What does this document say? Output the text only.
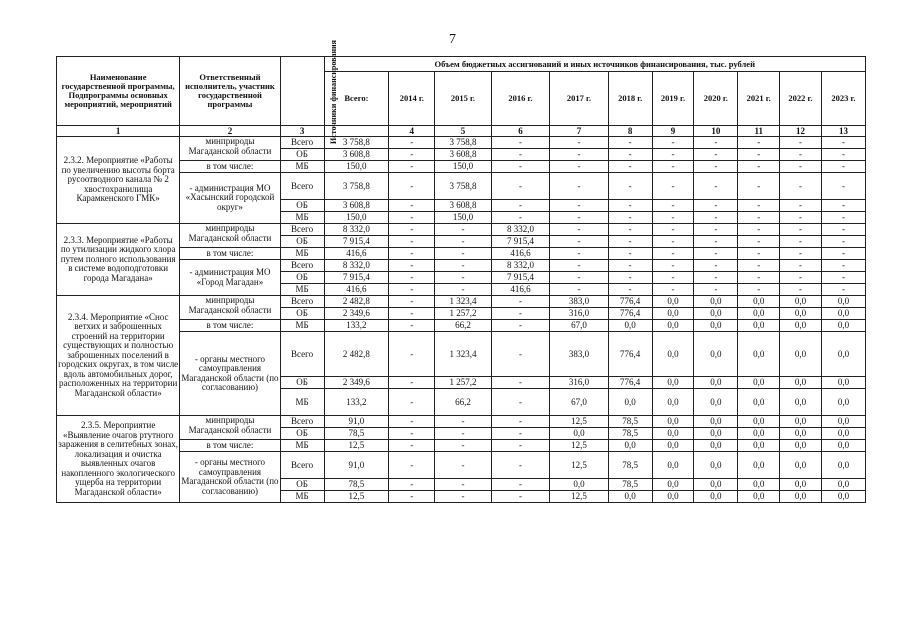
7
Наименование государственной программы, Подпрограммы основных мероприятий, мероприятий	Ответственный исполнитель, участник государственной программы	Источники финансирования	Объем бюджетных ассигнований и иных источников финансирования, тыс. рублей										
			Всего:	2014 г.	2015 г.	2016 г.	2017 г.	2018 г.	2019 г.	2020 г.	2021 г.	2022 г.	2023 г.
1	2	3		4	5	6	7	8	9	10	11	12	13
2.3.2. Мероприятие «Работы по увеличению высоты борта русоотводного канала № 2 хвостохранилища Карамкенского ГМК»	минприроды Магаданской области	Всего	3 758,8	-	3 758,8	-	-	-	-	-	-	-	-
		ОБ	3 608,8	-	3 608,8	-	-	-	-	-	-	-	-
	в том числе:	МБ	150,0	-	150,0	-	-	-	-	-	-	-	-
	- администрация МО «Хасынский городской округ»	Всего	3 758,8	-	3 758,8	-	-	-	-	-	-	-	-
		ОБ	3 608,8	-	3 608,8	-	-	-	-	-	-	-	-
		МБ	150,0	-	150,0	-	-	-	-	-	-	-	-
2.3.3. Мероприятие «Работы по утилизации жидкого хлора путем полного использования в системе водоподготовки города Магадана»	минприроды Магаданской области	Всего	8 332,0	-	-	8 332,0	-	-	-	-	-	-	-
		ОБ	7 915,4	-	-	7 915,4	-	-	-	-	-	-	-
	в том числе:	МБ	416,6	-	-	416,6	-	-	-	-	-	-	-
	- администрация МО «Город Магадан»	Всего	8 332,0	-	-	8 332,0	-	-	-	-	-	-	-
		ОБ	7 915,4	-	-	7 915,4	-	-	-	-	-	-	-
		МБ	416,6	-	-	416,6	-	-	-	-	-	-	-
2.3.4. Мероприятие «Снос ветхих и заброшенных строений на территории существующих и полностью заброшенных поселений в городских округах, в том числе вдоль автомобильных дорог, расположенных на территории Магаданской области»	минприроды Магаданской области	Всего	2 482,8	-	1 323,4	-	383,0	776,4	0,0	0,0	0,0	0,0	0,0
		ОБ	2 349,6	-	1 257,2	-	316,0	776,4	0,0	0,0	0,0	0,0	0,0
	в том числе:	МБ	133,2	-	66,2	-	67,0	0,0	0,0	0,0	0,0	0,0	0,0
	- органы местного самоуправления Магаданской области (по согласованию)	Всего	2 482,8	-	1 323,4	-	383,0	776,4	0,0	0,0	0,0	0,0	0,0
		ОБ	2 349,6	-	1 257,2	-	316,0	776,4	0,0	0,0	0,0	0,0	0,0
		МБ	133,2	-	66,2	-	67,0	0,0	0,0	0,0	0,0	0,0	0,0
2.3.5. Мероприятие «Выявление очагов ртутного заражения в селитебных зонах, локализация и очистка выявленных очагов накопленного экологического ущерба на территории Магаданской области»	минприроды Магаданской области	Всего	91,0	-	-	-	12,5	78,5	0,0	0,0	0,0	0,0	0,0
		ОБ	78,5	-	-	-	0,0	78,5	0,0	0,0	0,0	0,0	0,0
	в том числе:	МБ	12,5	-	-	-	12,5	0,0	0,0	0,0	0,0	0,0	0,0
	- органы местного самоуправления Магаданской области (по согласованию)	Всего	91,0	-	-	-	12,5	78,5	0,0	0,0	0,0	0,0	0,0
		ОБ	78,5	-	-	-	0,0	78,5	0,0	0,0	0,0	0,0	0,0
		МБ	12,5	-	-	-	12,5	0,0	0,0	0,0	0,0	0,0	0,0
